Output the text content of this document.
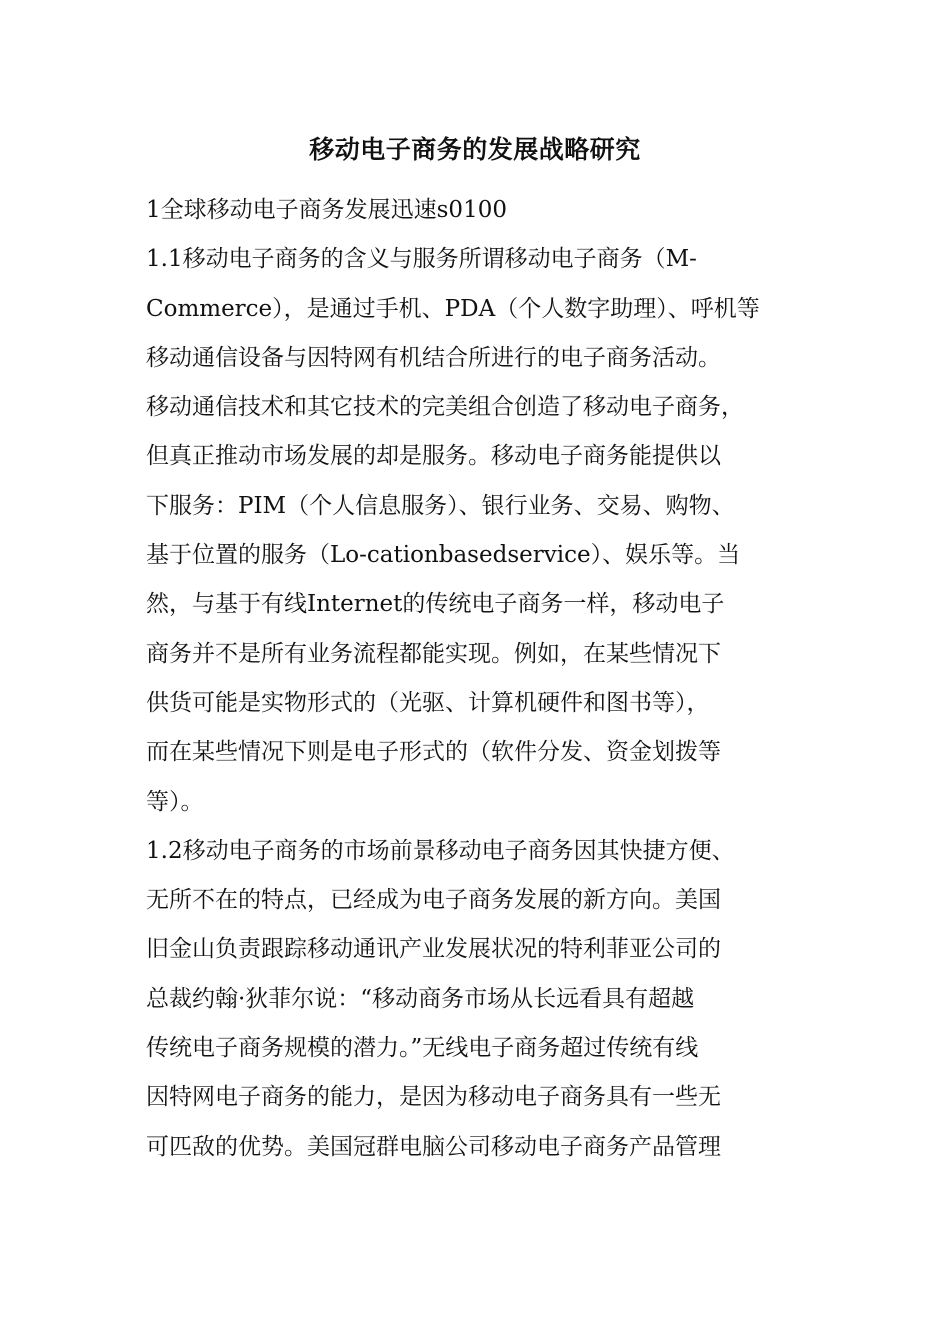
移动电子商务的发展战略研究
1全球移动电子商务发展迅速s0100
1.1移动电子商务的含义与服务所谓移动电子商务（M-
Commerce），是通过手机、PDA（个人数字助理）、呼机等
移动通信设备与因特网有机结合所进行的电子商务活动。
移动通信技术和其它技术的完美组合创造了移动电子商务，
但真正推动市场发展的却是服务。移动电子商务能提供以
下服务：PIM（个人信息服务）、银行业务、交易、购物、
基于位置的服务（Lo-cationbasedservice）、娱乐等。当
然，与基于有线Internet的传统电子商务一样，移动电子
商务并不是所有业务流程都能实现。例如，在某些情况下
供货可能是实物形式的（光驱、计算机硬件和图书等），
而在某些情况下则是电子形式的（软件分发、资金划拨等
等）。
1.2移动电子商务的市场前景移动电子商务因其快捷方便、
无所不在的特点，已经成为电子商务发展的新方向。美国
旧金山负责跟踪移动通讯产业发展状况的特利菲亚公司的
总裁约翰·狄菲尔说：“移动商务市场从长远看具有超越
传统电子商务规模的潜力。”无线电子商务超过传统有线
因特网电子商务的能力，是因为移动电子商务具有一些无
可匹敌的优势。美国冠群电脑公司移动电子商务产品管理
